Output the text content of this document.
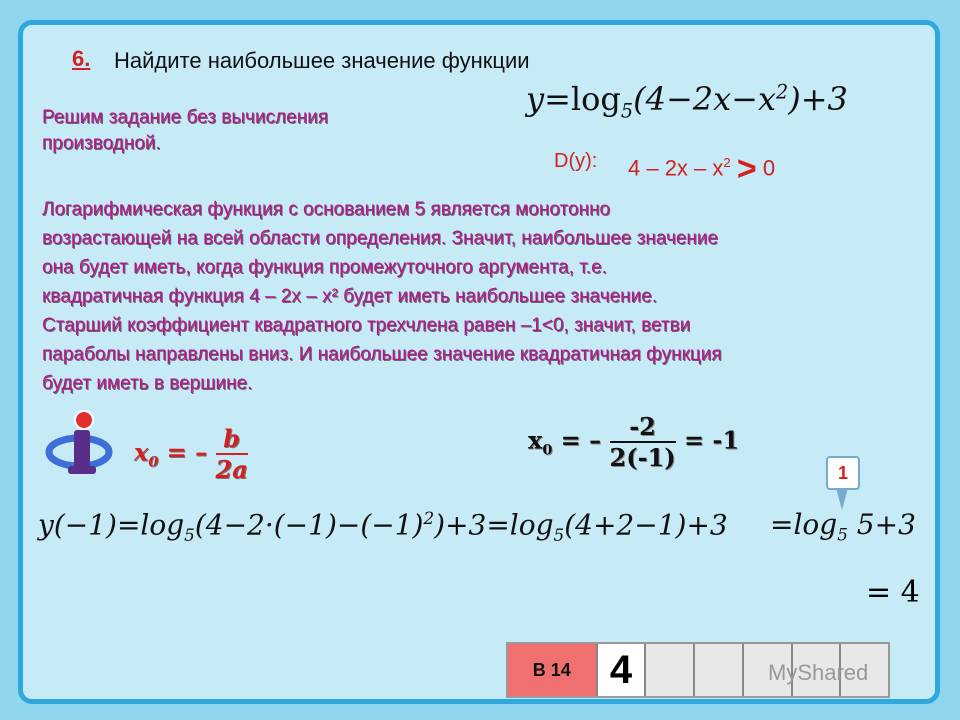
6. Найдите наибольшее значение функции
Решим задание без вычисления производной.
$y=\log_5(4-2x-x^2)+3$
D(y): $4 - 2x - x^2 > 0$
Логарифмическая функция с основанием 5 является монотонно
возрастающей на всей области определения. Значит, наибольшее значение
она будет иметь, когда функция промежуточного аргумента, т.е.
квадратичная функция 4 – 2x – x² будет иметь наибольшее значение.
Старший коэффициент квадратного трехчлена равен –1<0, значит, ветви
параболы направлены вниз. И наибольшее значение квадратичная функция
будет иметь в вершине.
$x_0$ = – $\frac{b}{2a}$	$x_0$ = – $\frac{-2}{2(-1)} = -1$
$y(-1)=\log_5(4-2\cdot(-1)-(-1)^2)+3=\log_5(4+2-1)+3 =\log_5$ 5+3
1
= 4
В 14 4	MyShared
